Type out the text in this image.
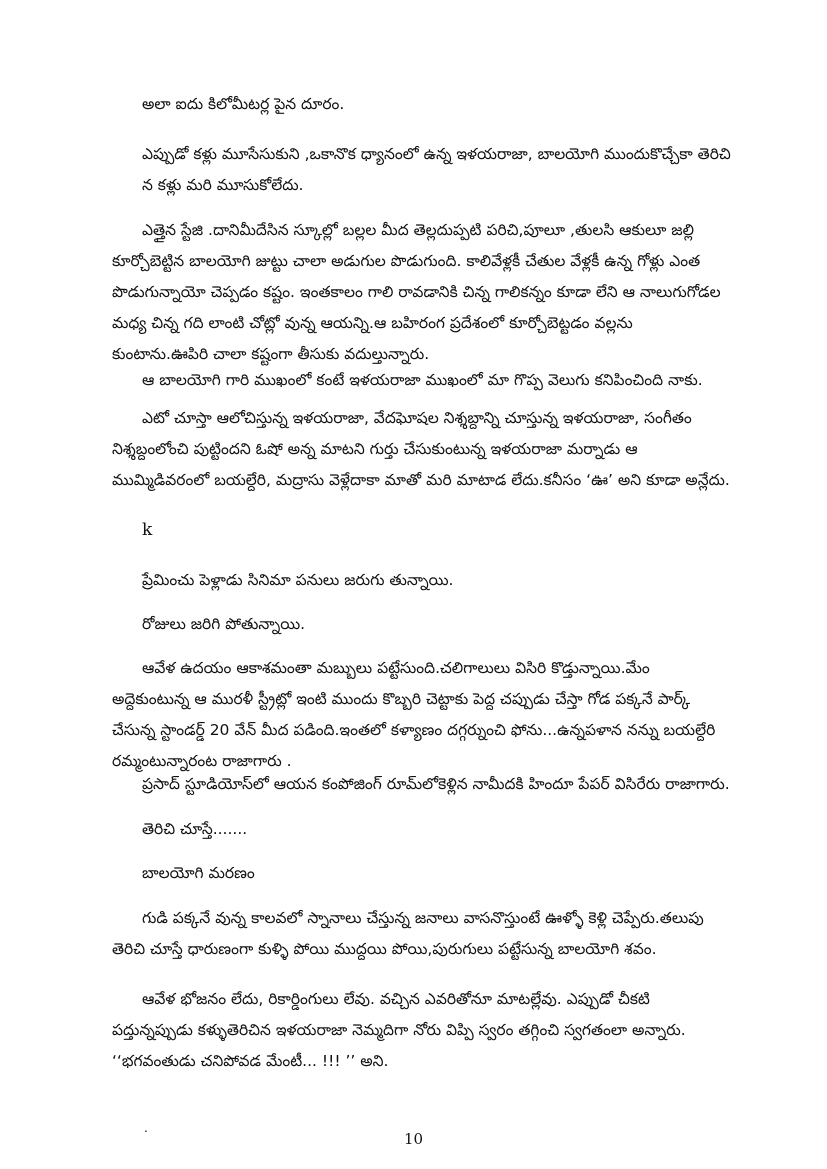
అలా ఐదు కిలోమీటర్ల పైన దూరం.

ఎప్పుడో కళ్లు మూసేసుకుని ,ఒకానొక ధ్యానంలో ఉన్న ఇళయరాజా, బాలయోగి ముందుకొచ్చేకా తెరిచి న కళ్లు మరి మూసుకోలేదు.

ఎత్తైన స్టేజి .దానిమీదేసిన స్కూల్లో బల్లల మీద తెల్లదుప్పటి పరిచి,పూలూ ,తులసి ఆకులూ జల్లి కూర్చోబెట్టిన బాలయోగి జుట్టు చాలా అడుగుల పొడుగుంది. కాలివేళ్లకీ చేతుల వేళ్లకీ ఉన్న గోళ్లు ఎంత పొడుగున్నాయో చెప్పడం కష్టం. ఇంతకాలం గాలి రావడానికి చిన్న గాలికన్నం కూడా లేని ఆ నాలుగుగోడల మధ్య చిన్న గది లాంటి చోట్లో వున్న ఆయన్ని.ఆ బహిరంగ ప్రదేశంలో కూర్చోబెట్టడం వల్లను కుంటాను.ఊపిరి చాలా కష్టంగా తీసుకు వదుల్తున్నారు.

ఆ బాలయోగి గారి ముఖంలో కంటే ఇళయరాజా ముఖంలో మా గొప్ప వెలుగు కనిపించింది నాకు.

ఎటో చూస్తా ఆలోచిస్తున్న ఇళయరాజా, వేదఘోషల నిశ్శబ్దాన్ని చూస్తున్న ఇళయరాజా, సంగీతం నిశ్శబ్దంలోంచి పుట్టిందని ఓషో అన్న మాటని గుర్తు చేసుకుంటున్న ఇళయరాజా మర్నాడు ఆ ముమ్మిడివరంలో బయల్దేరి, మద్రాసు వెళ్లేదాకా మాతో మరి మాటాడ లేదు.కనీసం ‘ఊ’ అని కూడా అన్లేదు.

k

ప్రేమించు పెళ్లాడు సినిమా పనులు జరుగు తున్నాయి.

రోజులు జరిగి పోతున్నాయి.

ఆవేళ ఉదయం ఆకాశమంతా మబ్బులు పట్టేసుంది.చలిగాలులు విసిరి కొడ్తున్నాయి.మేం అద్దెకుంటున్న ఆ మురళీ స్ట్రీట్లో ఇంటి ముందు కొబ్బరి చెట్టాకు పెద్ద చప్పుడు చేస్తా గోడ పక్కనే పార్క్ చేసున్న స్టాండర్డ్ 20 వేన్ మీద పడింది.ఇంతలో కళ్యాణం దగ్గర్నుంచి ఫోను...ఉన్నపళాన నన్ను బయల్దేరి రమ్మంటున్నారంట రాజాగారు .

ప్రసాద్ స్టూడియోస్‌లో ఆయన కంపోజింగ్ రూమ్‌లోకెళ్లిన నామీదకి హిందూ పేపర్ విసిరేరు రాజాగారు.

తెరిచి చూస్తే.......

బాలయోగి మరణం

గుడి పక్కనే వున్న కాలవలో స్నానాలు చేస్తున్న జనాలు వాసనొస్తుంటే ఊళ్ళో కెళ్లి చెప్పేరు.తలుపు తెరిచి చూస్తే ధారుణంగా కుళ్ళి పోయి ముద్దయి పోయి,పురుగులు పట్టేసున్న బాలయోగి శవం.

ఆవేళ భోజనం లేదు, రికార్డింగులు లేవు. వచ్చిన ఎవరితోనూ మాటల్లేవు. ఎప్పుడో చీకటి పద్తున్నప్పుడు కళ్ళుతెరిచిన ఇళయరాజా నెమ్మదిగా నోరు విప్పి స్వరం తగ్గించి స్వగతంలా అన్నారు. ‘‘భగవంతుడు చనిపోవడ మేంటీ... !!! ’’ అని.

.
10
